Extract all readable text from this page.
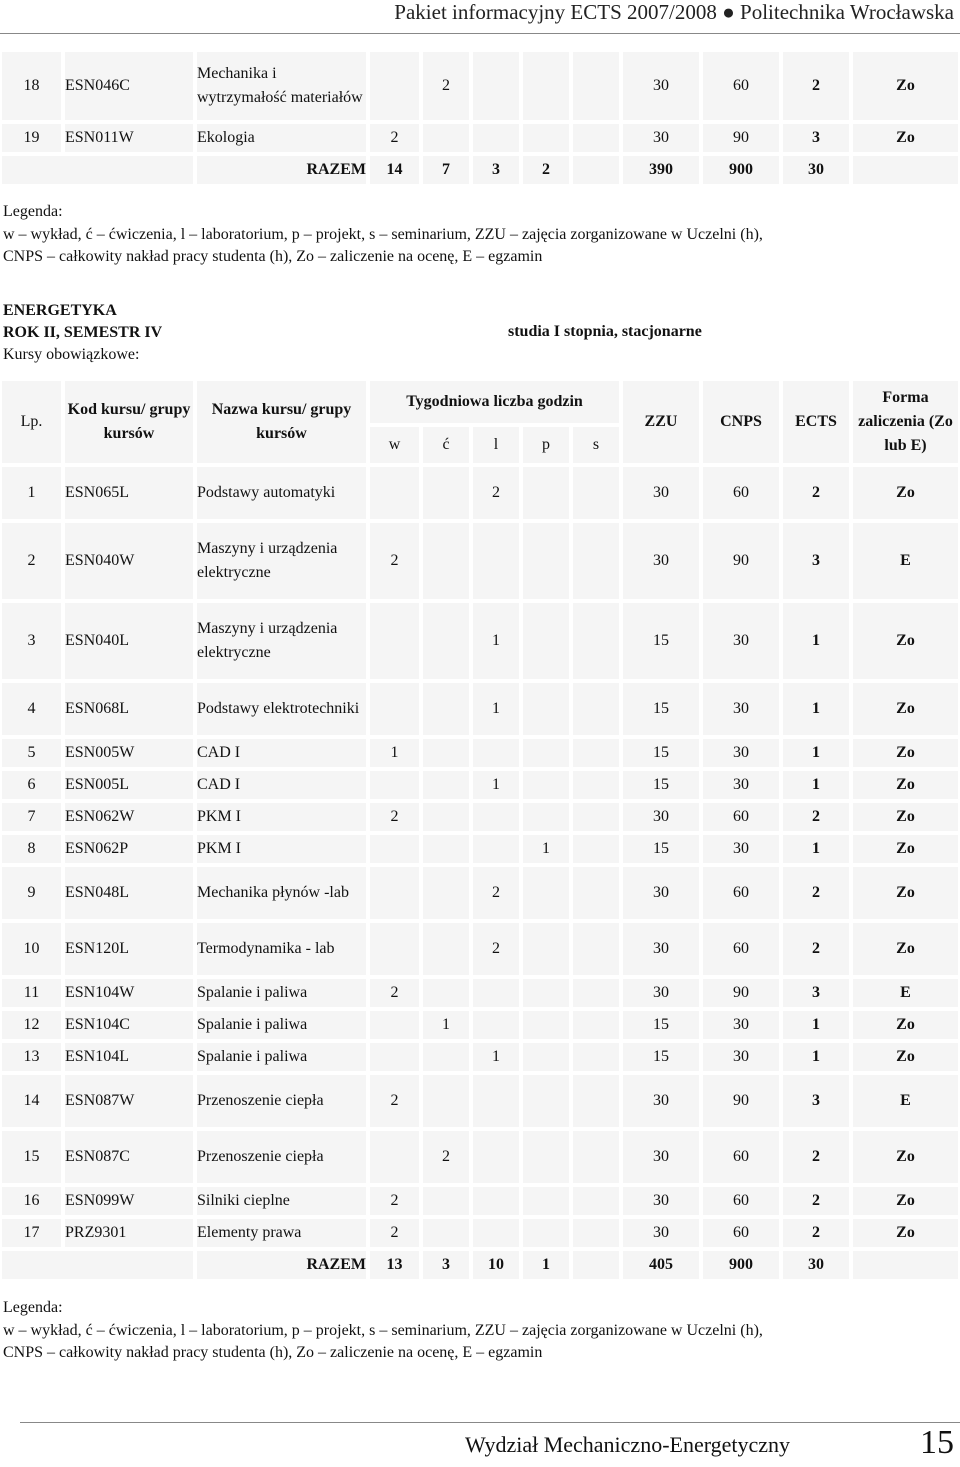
Pakiet informacyjny ECTS 2007/2008 ● Politechnika Wrocławska
18	ESN046C	Mechanika i wytrzymałość materiałów		2				30	60	2	Zo
19	ESN011W	Ekologia	2					30	90	3	Zo
		RAZEM	14	7	3	2		390	900	30	
Legenda:
w – wykład, ć – ćwiczenia, l – laboratorium, p – projekt, s – seminarium, ZZU – zajęcia zorganizowane w Uczelni (h),
CNPS – całkowity nakład pracy studenta (h), Zo – zaliczenie na ocenę, E – egzamin
ENERGETYKA
ROK II, SEMESTR IV
Kursy obowiązkowe:
studia I stopnia, stacjonarne
Lp.	Kod kursu/ grupy kursów	Nazwa kursu/ grupy kursów	Tygodniowa liczba godzin					ZZU	CNPS	ECTS	Forma zaliczenia (Zo lub E)
			w	ć	l	p	s				
1	ESN065L	Podstawy automatyki			2			30	60	2	Zo
2	ESN040W	Maszyny i urządzenia elektryczne	2					30	90	3	E
3	ESN040L	Maszyny i urządzenia elektryczne			1			15	30	1	Zo
4	ESN068L	Podstawy elektrotechniki			1			15	30	1	Zo
5	ESN005W	CAD I	1					15	30	1	Zo
6	ESN005L	CAD I			1			15	30	1	Zo
7	ESN062W	PKM I	2					30	60	2	Zo
8	ESN062P	PKM I				1		15	30	1	Zo
9	ESN048L	Mechanika płynów -lab			2			30	60	2	Zo
10	ESN120L	Termodynamika - lab			2			30	60	2	Zo
11	ESN104W	Spalanie i paliwa	2					30	90	3	E
12	ESN104C	Spalanie i paliwa		1				15	30	1	Zo
13	ESN104L	Spalanie i paliwa			1			15	30	1	Zo
14	ESN087W	Przenoszenie ciepła	2					30	90	3	E
15	ESN087C	Przenoszenie ciepła		2				30	60	2	Zo
16	ESN099W	Silniki cieplne	2					30	60	2	Zo
17	PRZ9301	Elementy prawa	2					30	60	2	Zo
		RAZEM	13	3	10	1		405	900	30	
Legenda:
w – wykład, ć – ćwiczenia, l – laboratorium, p – projekt, s – seminarium, ZZU – zajęcia zorganizowane w Uczelni (h),
CNPS – całkowity nakład pracy studenta (h), Zo – zaliczenie na ocenę, E – egzamin
Wydział Mechaniczno-Energetyczny	15
